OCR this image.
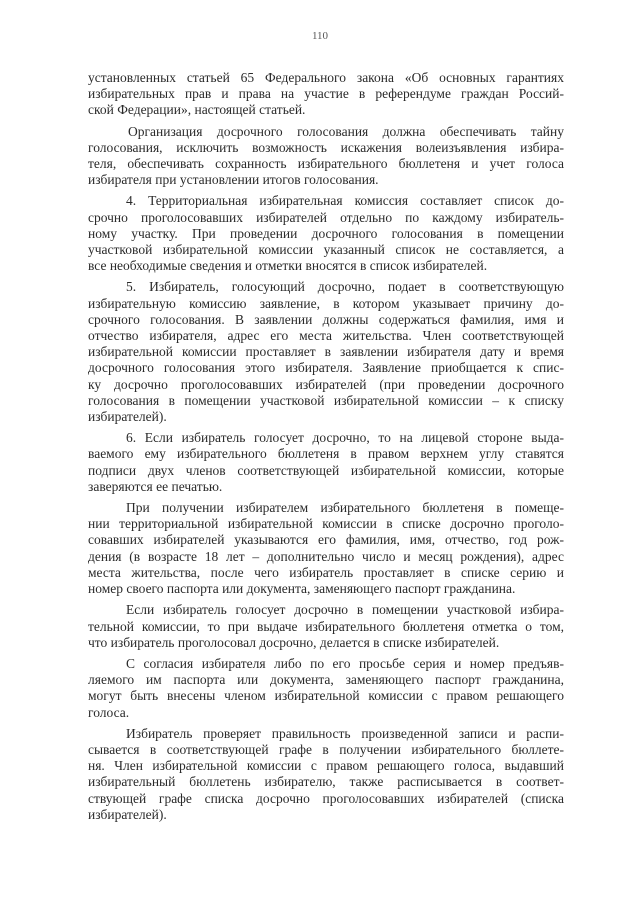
110
установленных статьей 65 Федерального закона «Об основных гарантиях
избирательных прав и права на участие в референдуме граждан Россий-
ской Федерации», настоящей статьей.
Организация досрочного голосования должна обеспечивать тайну
голосования, исключить возможность искажения волеизъявления избира-
теля, обеспечивать сохранность избирательного бюллетеня и учет голоса
избирателя при установлении итогов голосования.
4. Территориальная избирательная комиссия составляет список до-
срочно проголосовавших избирателей отдельно по каждому избиратель-
ному участку. При проведении досрочного голосования в помещении
участковой избирательной комиссии указанный список не составляется, а
все необходимые сведения и отметки вносятся в список избирателей.
5. Избиратель, голосующий досрочно, подает в соответствующую
избирательную комиссию заявление, в котором указывает причину до-
срочного голосования. В заявлении должны содержаться фамилия, имя и
отчество избирателя, адрес его места жительства. Член соответствующей
избирательной комиссии проставляет в заявлении избирателя дату и время
досрочного голосования этого избирателя. Заявление приобщается к спис-
ку досрочно проголосовавших избирателей (при проведении досрочного
голосования в помещении участковой избирательной комиссии – к списку
избирателей).
6. Если избиратель голосует досрочно, то на лицевой стороне выда-
ваемого ему избирательного бюллетеня в правом верхнем углу ставятся
подписи двух членов соответствующей избирательной комиссии, которые
заверяются ее печатью.
При получении избирателем избирательного бюллетеня в помеще-
нии территориальной избирательной комиссии в списке досрочно проголо-
совавших избирателей указываются его фамилия, имя, отчество, год рож-
дения (в возрасте 18 лет – дополнительно число и месяц рождения), адрес
места жительства, после чего избиратель проставляет в списке серию и
номер своего паспорта или документа, заменяющего паспорт гражданина.
Если избиратель голосует досрочно в помещении участковой избира-
тельной комиссии, то при выдаче избирательного бюллетеня отметка о том,
что избиратель проголосовал досрочно, делается в списке избирателей.
С согласия избирателя либо по его просьбе серия и номер предъяв-
ляемого им паспорта или документа, заменяющего паспорт гражданина,
могут быть внесены членом избирательной комиссии с правом решающего
голоса.
Избиратель проверяет правильность произведенной записи и распи-
сывается в соответствующей графе в получении избирательного бюллете-
ня. Член избирательной комиссии с правом решающего голоса, выдавший
избирательный бюллетень избирателю, также расписывается в соответ-
ствующей графе списка досрочно проголосовавших избирателей (списка
избирателей).
